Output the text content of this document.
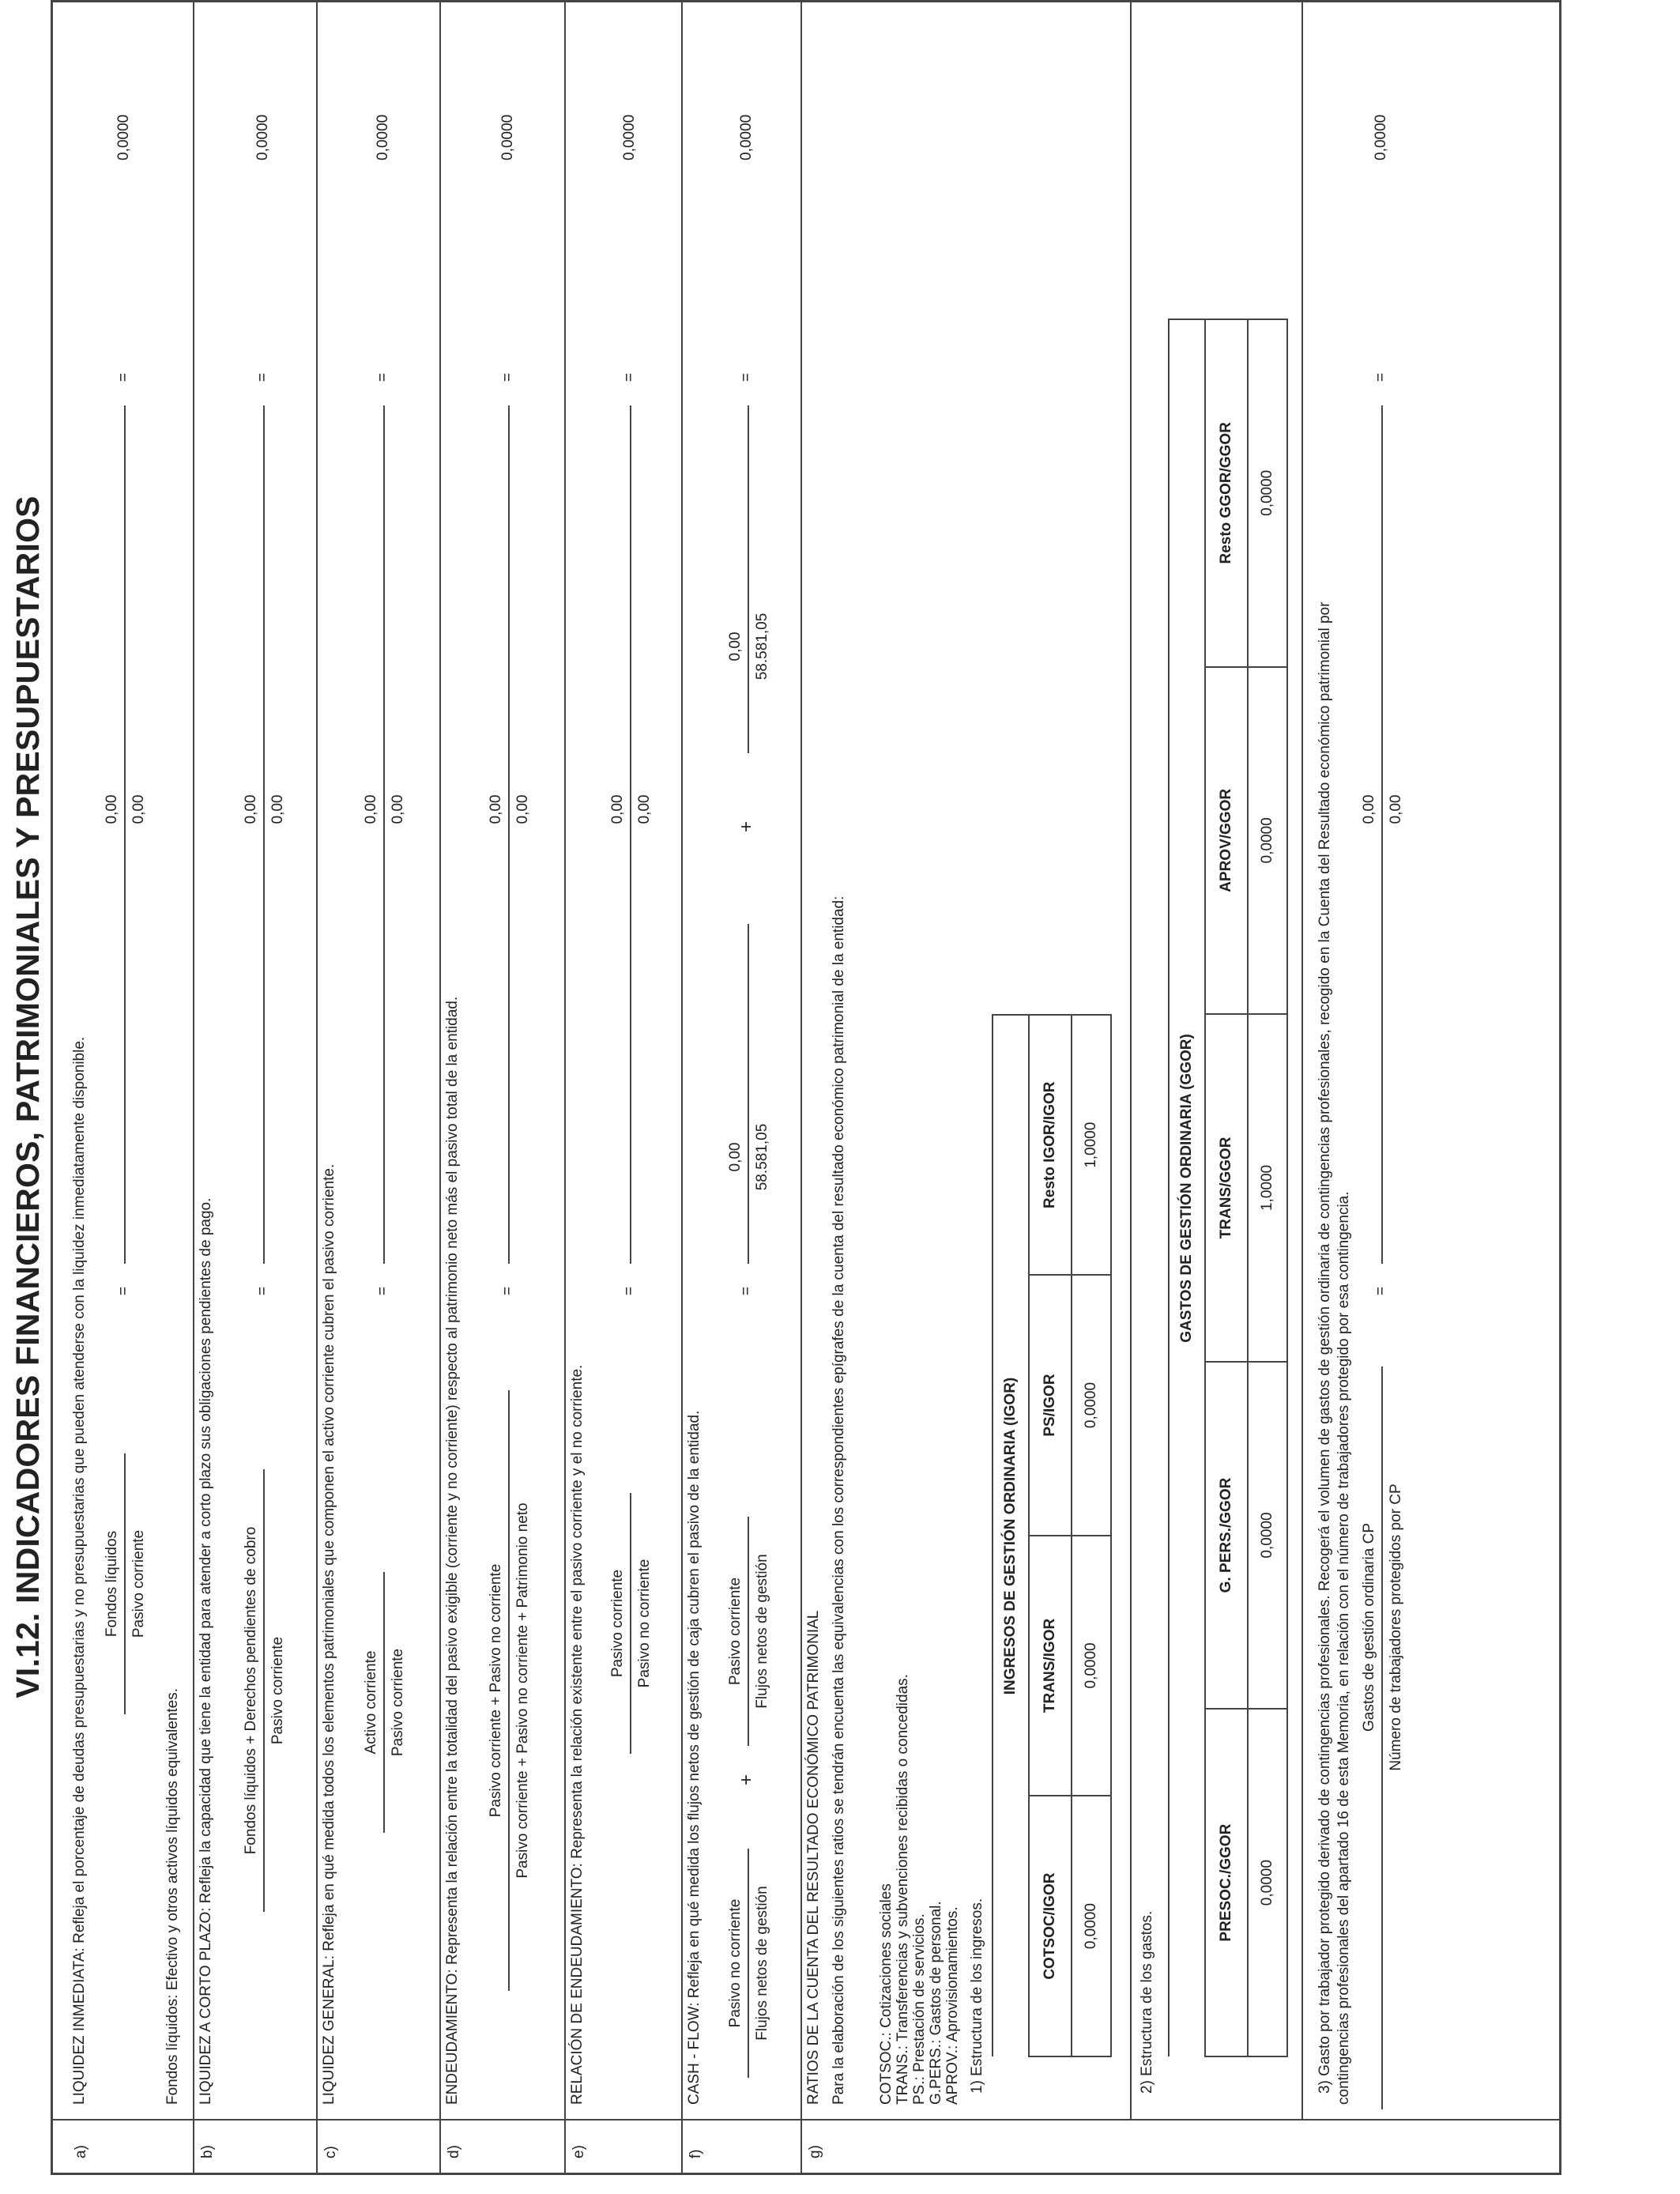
VI.12. INDICADORES FINANCIEROS, PATRIMONIALES Y PRESUPUESTARIOS
a)
LIQUIDEZ INMEDIATA: Refleja el porcentaje de deudas presupuestarias y no presupuestarias que pueden atenderse con la liquidez inmediatamente disponible. Fondos líquidos Pasivo corriente
=
0,00 0,00
=
0,0000
Fondos líquidos: Efectivo y otros activos líquidos equivalentes.
b)
LIQUIDEZ A CORTO PLAZO: Refleja la capacidad que tiene la entidad para atender a corto plazo sus obligaciones pendientes de pago. Fondos líquidos + Derechos pendientes de cobro Pasivo corriente
=
0,00 0,00
=
0,0000
c)
LIQUIDEZ GENERAL: Refleja en qué medida todos los elementos patrimoniales que componen el activo corriente cubren el pasivo corriente. Activo corriente Pasivo corriente
=
0,00 0,00
=
0,0000
d)
ENDEUDAMIENTO: Representa la relación entre la totalidad del pasivo exigible (corriente y no corriente) respecto al patrimonio neto más el pasivo total de la entidad. Pasivo corriente + Pasivo no corriente Pasivo corriente + Pasivo no corriente + Patrimonio neto
=
0,00 0,00
=
0,0000
e)
RELACIÓN DE ENDEUDAMIENTO: Representa la relación existente entre el pasivo corriente y el no corriente. Pasivo corriente Pasivo no corriente
=
0,00 0,00
=
0,0000
f)
CASH - FLOW: Refleja en qué medida los flujos netos de gestión de caja cubren el pasivo de la entidad. Pasivo no corriente Flujos netos de gestión
+
Pasivo corriente Flujos netos de gestión
=
0,00 58.581,05
+
0,00 58.581,05
=
0,0000
g)
RATIOS DE LA CUENTA DEL RESULTADO ECONÓMICO PATRIMONIAL Para la elaboración de los siguientes ratios se tendrán encuenta las equivalencias con los correspondientes epígrafes de la cuenta del resultado económico patrimonial de la entidad: COTSOC.: Cotizaciones sociales TRANS.: Transferencias y subvenciones recibidas o concedidas. PS.: Prestación de servicios. G.PERS.: Gastos de personal. APROV.: Aprovisionamientos. 1) Estructura de los ingresos.
INGRESOS DE GESTIÓN ORDINARIA (IGOR)			
COTSOC/IGOR	TRANS/IGOR	PS/IGOR	Resto IGOR/IGOR
0,0000	0,0000	0,0000	1,0000
2) Estructura de los gastos.
GASTOS DE GESTIÓN ORDINARIA (GGOR)				
PRESOC./GGOR	G. PERS./GGOR	TRANS/GGOR	APROV/GGOR	Resto GGOR/GGOR
0,0000	0,0000	1,0000	0,0000	0,0000
3) Gasto por trabajador protegido derivado de contingencias profesionales. Recogerá el volumen de gastos de gestión ordinaria de contingencias profesionales, recogido en la Cuenta del Resultado económico patrimonial por contingencias profesionales del apartado 16 de esta Memoria, en relación con el número de trabajadores protegido por esa contingencia. Gastos de gestión ordinaria CP Número de trabajadores protegidos por CP
=
0,00 0,00
=
0,0000
